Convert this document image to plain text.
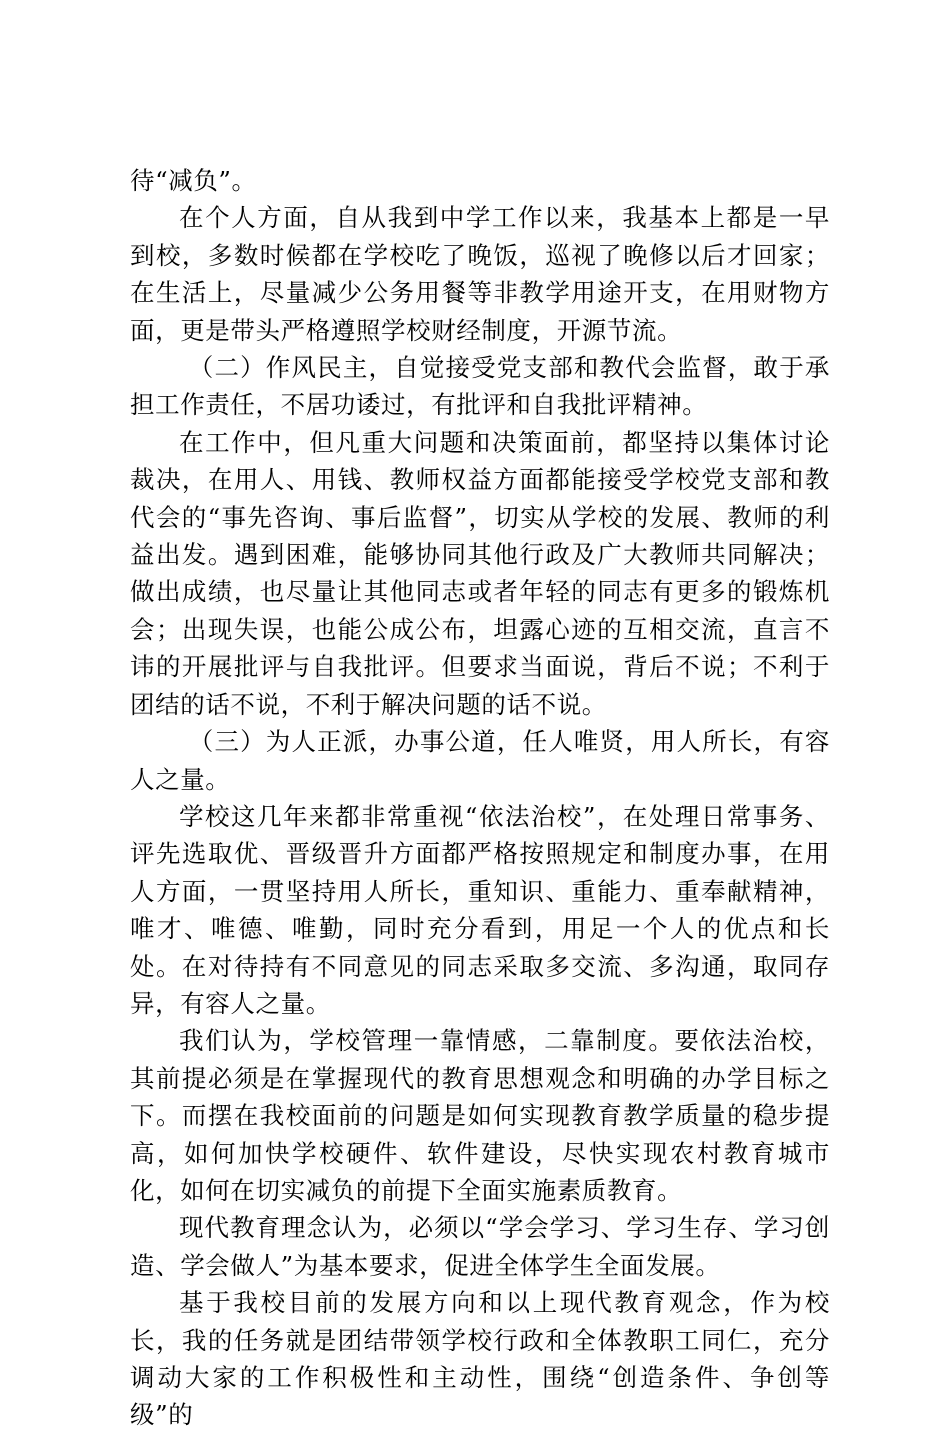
待“减负”。

在个人方面，自从我到中学工作以来，我基本上都是一早到校，多数时候都在学校吃了晚饭，巡视了晚修以后才回家；在生活上，尽量减少公务用餐等非教学用途开支，在用财物方面，更是带头严格遵照学校财经制度，开源节流。

（二）作风民主，自觉接受党支部和教代会监督，敢于承担工作责任，不居功诿过，有批评和自我批评精神。

在工作中，但凡重大问题和决策面前，都坚持以集体讨论裁决，在用人、用钱、教师权益方面都能接受学校党支部和教代会的“事先咨询、事后监督”，切实从学校的发展、教师的利益出发。遇到困难，能够协同其他行政及广大教师共同解决；做出成绩，也尽量让其他同志或者年轻的同志有更多的锻炼机会；出现失误，也能公成公布，坦露心迹的互相交流，直言不讳的开展批评与自我批评。但要求当面说，背后不说；不利于团结的话不说，不利于解决问题的话不说。

（三）为人正派，办事公道，任人唯贤，用人所长，有容人之量。

学校这几年来都非常重视“依法治校”，在处理日常事务、评先选取优、晋级晋升方面都严格按照规定和制度办事，在用人方面，一贯坚持用人所长，重知识、重能力、重奉献精神，唯才、唯德、唯勤，同时充分看到，用足一个人的优点和长处。在对待持有不同意见的同志采取多交流、多沟通，取同存异，有容人之量。

我们认为，学校管理一靠情感，二靠制度。要依法治校，其前提必须是在掌握现代的教育思想观念和明确的办学目标之下。而摆在我校面前的问题是如何实现教育教学质量的稳步提高，如何加快学校硬件、软件建设，尽快实现农村教育城市化，如何在切实减负的前提下全面实施素质教育。

现代教育理念认为，必须以“学会学习、学习生存、学习创造、学会做人”为基本要求，促进全体学生全面发展。

基于我校目前的发展方向和以上现代教育观念，作为校长，我的任务就是团结带领学校行政和全体教职工同仁，充分调动大家的工作积极性和主动性，围绕“创造条件、争创等级”的
